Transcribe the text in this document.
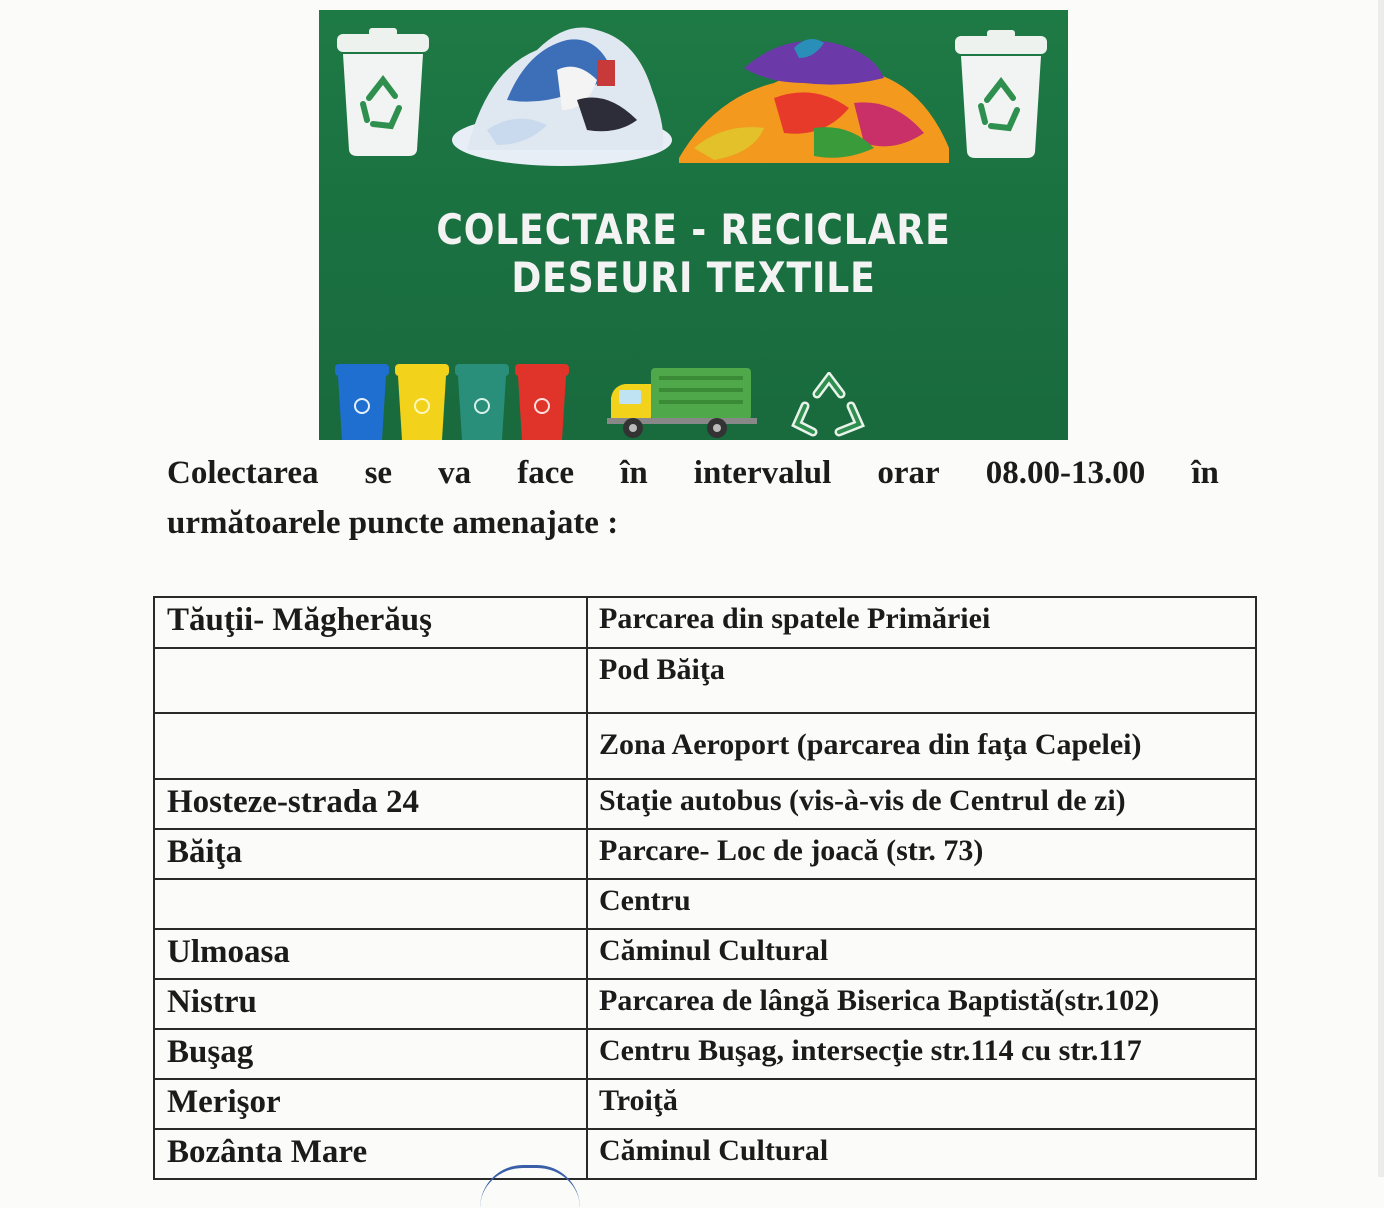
COLECTARE - RECICLARE
DESEURI TEXTILE
Colectarea se va face în intervalul orar 08.00-13.00 în
următoarele puncte amenajate :
Tăuţii- Măgherăuş	Parcarea din spatele Primăriei
	Pod Băiţa
	Zona Aeroport (parcarea din faţa Capelei)
Hosteze-strada 24	Staţie autobus (vis-à-vis de Centrul de zi)
Băiţa	Parcare- Loc de joacă (str. 73)
	Centru
Ulmoasa	Căminul Cultural
Nistru	Parcarea de lângă Biserica Baptistă(str.102)
Buşag	Centru Buşag, intersecţie str.114 cu str.117
Merişor	Troiţă
Bozânta Mare	Căminul Cultural
